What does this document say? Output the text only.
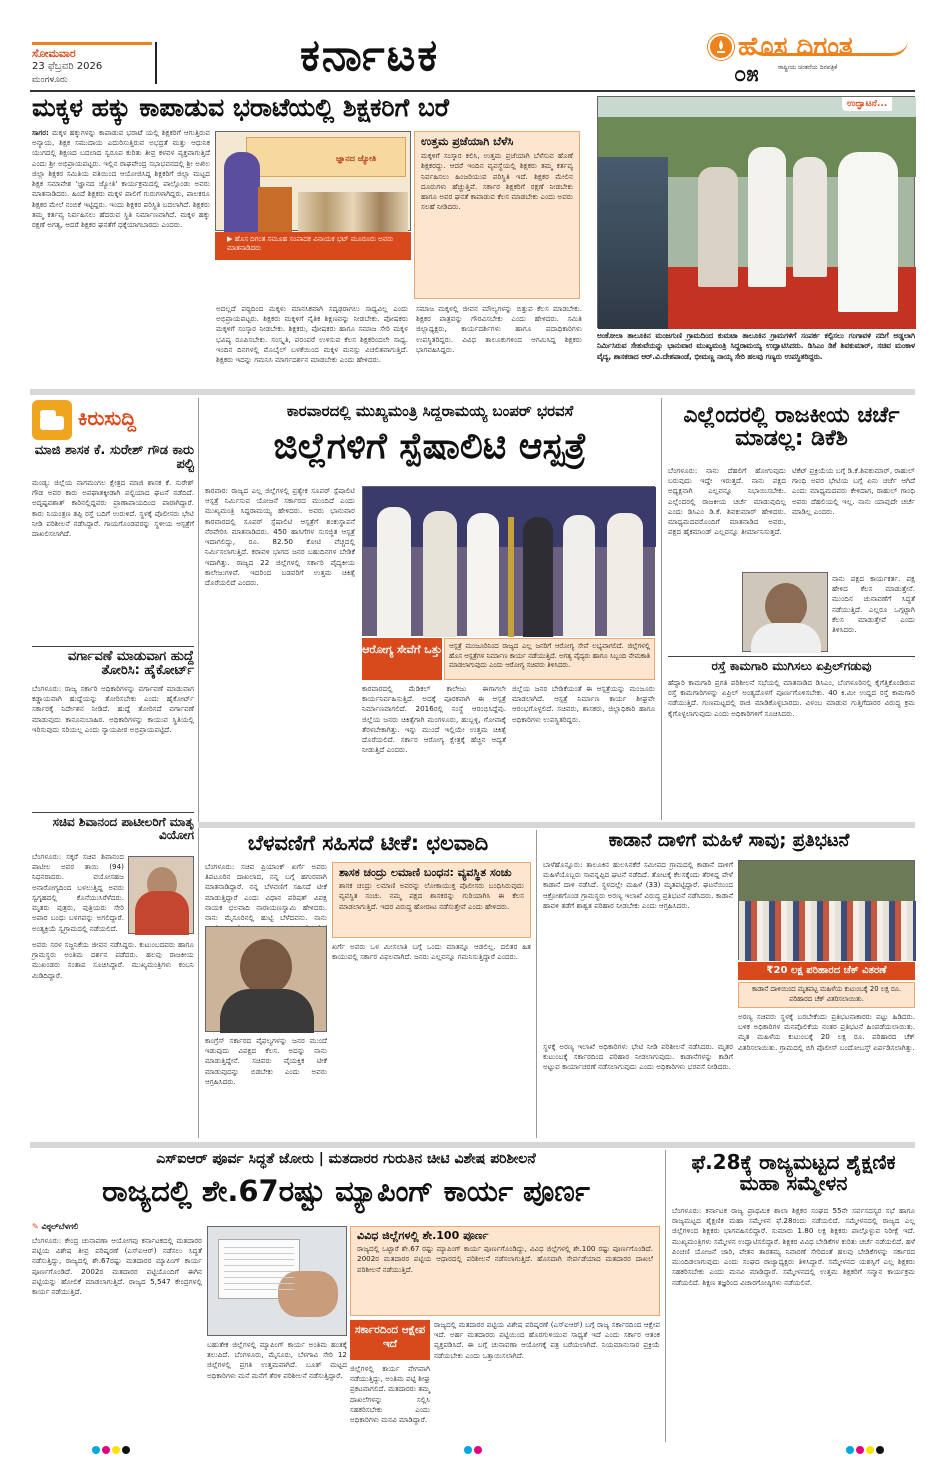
ಸೋಮವಾರ
23 ಫೆಬ್ರವರಿ 2026
ಮಂಗಳೂರು	ಕರ್ನಾಟಕ	ಹೊಸ ದಿಗಂತ
ರಾಷ್ಟ್ರೀಯ ಚಿಂತನೆಯ ದಿನಪತ್ರಿಕೆ
೦೫
ಮಕ್ಕಳ ಹಕ್ಕು ಕಾಪಾಡುವ ಭರಾಟೆಯಲ್ಲಿ ಶಿಕ್ಷಕರಿಗೆ ಬರೆ

ಸಾಗರ: ಮಕ್ಕಳ ಹಕ್ಕುಗಳನ್ನು ಕಾಪಾಡುವ ಭರಾಟೆ ಯಲ್ಲಿ ಶಿಕ್ಷಕರಿಗೆ ಆಗುತ್ತಿರುವ ಅನ್ಯಾಯ, ಶಿಕ್ಷಕ ಸಮುದಾಯ ಎದುರಿಸುತ್ತಿರುವ ಅಭದ್ರತೆ ಮತ್ತು ಆಧುನಿಕ ಯುಗದಲ್ಲಿ ಶಿಕ್ಷಣದ ಬದಲಾದ ಸ್ವರೂಪ ಕುರಿತು ತೀವ್ರ ಕಳವಳ ವ್ಯಕ್ತವಾಗುತ್ತಿದೆ ಎಂದು ಶ್ರೀ ಅಭಿಪ್ರಾಯಪಟ್ಟರು. ಇಲ್ಲಿನ ರಾಘವೇಂದ್ರ ಸಭಾಭವನದಲ್ಲಿ ಶ್ರೀ ಅಖಿಲ ಜಿಲ್ಲಾ ಶಿಕ್ಷಕರ ಸಮಿತಿಯ ವತಿಯಿಂದ ಆಯೋಜಿಸಿದ್ದ ಶಿಕ್ಷಕರಿಗೆ ಜಿಲ್ಲಾ ಮಟ್ಟದ ಶಿಕ್ಷಕ ಸಮಾವೇಶ 'ಜ್ಞಾನದ ಜ್ಯೋತಿ' ಕಾರ್ಯಕ್ರಮದಲ್ಲಿ ಪಾಲ್ಗೊಂಡು ಅವರು ಮಾತನಾಡಿದರು. ಹಿಂದೆ ಶಿಕ್ಷಕರು ಮಕ್ಕಳ ಪಾಲಿಗೆ ಗುರುಗಳಾಗಿದ್ದರು, ಪಾಲಕರೂ ಶಿಕ್ಷಕರ ಮೇಲೆ ನಂಬಿಕೆ ಇಟ್ಟಿದ್ದರು. ಇಂದು ಶಿಕ್ಷಕರ ಪರಿಸ್ಥಿತಿ ಬದಲಾಗಿದೆ. ಶಿಕ್ಷಕರು ತಮ್ಮ ಕರ್ತವ್ಯ ನಿರ್ವಹಿಸಲು ಹೆದರುವ ಸ್ಥಿತಿ ನಿರ್ಮಾಣವಾಗಿದೆ. ಮಕ್ಕಳ ಹಕ್ಕು ರಕ್ಷಣೆ ಅಗತ್ಯ, ಆದರೆ ಶಿಕ್ಷಕರ ಘನತೆಗೆ ಧಕ್ಕೆಯಾಗಬಾರದು ಎಂದರು.

ಜ್ಞಾನದ ಜ್ಯೋತಿ
▶ ಹೊಸ ದಿಗಂತ ಸಮೂಹ ಸಂಪಾದಕ ವಿನಾಯಕ ಭಟ್ ಮೂರೂರು ಅವರು ಮಾತನಾಡಿದರು
ಉತ್ತಮ ಪ್ರಜೆಯಾಗಿ ಬೆಳೆಸಿ
ಮಕ್ಕಳಿಗೆ ಸಂಸ್ಕಾರ ಕಲಿಸಿ, ಉತ್ತಮ ಪ್ರಜೆಯಾಗಿ ಬೆಳೆಸುವ ಹೊಣೆ ಶಿಕ್ಷಕರದ್ದು. ಆದರೆ ಇಂದಿನ ವ್ಯವಸ್ಥೆಯಲ್ಲಿ ಶಿಕ್ಷಕರು ತಮ್ಮ ಕರ್ತವ್ಯ ನಿರ್ವಹಿಸಲು ಹಿಂಜರಿಯುವ ಪರಿಸ್ಥಿತಿ ಇದೆ. ಶಿಕ್ಷಕರ ಮೇಲಿನ ದೂರುಗಳು ಹೆಚ್ಚುತ್ತಿವೆ. ಸರ್ಕಾರ ಶಿಕ್ಷಕರಿಗೆ ರಕ್ಷಣೆ ನೀಡಬೇಕು ಹಾಗೂ ಅವರ ಘನತೆ ಕಾಪಾಡುವ ಕೆಲಸ ಮಾಡಬೇಕು ಎಂದು ಅವರು ಸಲಹೆ ನೀಡಿದರು.
ಅದಲ್ಲದೆ ಪಠ್ಯದಿಂದ ಮಕ್ಕಳು ಮಾನಸಿಕವಾಗಿ ಸದೃಢರಾಗಲು ಸಾಧ್ಯವಿಲ್ಲ ಎಂದು ಅಭಿಪ್ರಾಯಪಟ್ಟರು. ಶಿಕ್ಷಕರು ಮಕ್ಕಳಿಗೆ ನೈತಿಕ ಶಿಕ್ಷಣವನ್ನು ನೀಡಬೇಕು. ಪೋಷಕರು ಮಕ್ಕಳಿಗೆ ಸಂಸ್ಕಾರ ನೀಡಬೇಕು. ಶಿಕ್ಷಕರು, ಪೋಷಕರು ಹಾಗೂ ಸಮಾಜ ಸೇರಿ ಮಕ್ಕಳ ಭವಿಷ್ಯ ರೂಪಿಸಬೇಕು. ಸಂಸ್ಕೃತಿ, ಪರಂಪರೆ ಉಳಿಸುವ ಕೆಲಸ ಶಿಕ್ಷಕರಿಂದಲೇ ಸಾಧ್ಯ. ಇಂದಿನ ದಿನಗಳಲ್ಲಿ ಮೊಬೈಲ್ ಬಳಕೆಯಿಂದ ಮಕ್ಕಳ ಮನಸ್ಸು ವಿಚಲಿತವಾಗುತ್ತಿದೆ. ಶಿಕ್ಷಕರು ಇದನ್ನು ಗಮನಿಸಿ ಮಾರ್ಗದರ್ಶನ ಮಾಡಬೇಕು ಎಂದು ಹೇಳಿದರು.
ಸಮಾಜ ಮಕ್ಕಳಲ್ಲಿ ಜೀವನ ಮೌಲ್ಯಗಳನ್ನು ಬಿತ್ತುವ ಕೆಲಸ ಮಾಡಬೇಕು. ಶಿಕ್ಷಕರ ಪಾತ್ರವನ್ನು ಗೌರವಿಸಬೇಕು ಎಂದು ಹೇಳಿದರು. ಸಮಿತಿ ಜಿಲ್ಲಾಧ್ಯಕ್ಷರು, ಕಾರ್ಯದರ್ಶಿಗಳು ಹಾಗೂ ಪದಾಧಿಕಾರಿಗಳು ಉಪಸ್ಥಿತರಿದ್ದರು. ವಿವಿಧ ತಾಲೂಕುಗಳಿಂದ ಆಗಮಿಸಿದ್ದ ಶಿಕ್ಷಕರು ಭಾಗವಹಿಸಿದ್ದರು.
ಉದ್ಘಾಟನೆ...
ಅಂಕೋಲಾ ತಾಲೂಕಿನ ಮಂಜಗುಣಿ ಗ್ರಾಮದಿಂದ ಕುಮಟಾ ತಾಲೂಕಿನ ಗ್ರಾಮಗಳಿಗೆ ಸಂಪರ್ಕ ಕಲ್ಪಿಸಲು ಗಂಗಾವಳಿ ನದಿಗೆ ಅಡ್ಡಲಾಗಿ ನಿರ್ಮಿಸಿರುವ ಸೇತುವೆಯನ್ನು ಭಾನುವಾರ ಮುಖ್ಯಮಂತ್ರಿ ಸಿದ್ದರಾಮಯ್ಯ ಉದ್ಘಾಟಿಸಿದರು. ಡಿಸಿಎಂ ಡಿಕೆ ಶಿವಕುಮಾರ್, ಸಚಿವ ಮಂಕಾಳ ವೈದ್ಯ, ಶಾಸಕರಾದ ಆರ್.ವಿ.ದೇಶಪಾಂಡೆ, ಭೀಮಣ್ಣ ನಾಯ್ಕ ಸೇರಿ ಹಲವು ಗಣ್ಯರು ಉಪಸ್ಥಿತರಿದ್ದರು.
ಕಿರುಸುದ್ದಿ
ಮಾಜಿ ಶಾಸಕ ಕೆ. ಸುರೇಶ್ ಗೌಡ ಕಾರು ಪಲ್ಟಿ
ಮಂಡ್ಯ: ಜಿಲ್ಲೆಯ ನಾಗಮಂಗಲ ಕ್ಷೇತ್ರದ ಮಾಜಿ ಶಾಸಕ ಕೆ. ಸುರೇಶ್ ಗೌಡ ಅವರ ಕಾರು ಅಪಘಾತಕ್ಕೀಡಾಗಿ ಪಲ್ಟಿಯಾದ ಘಟನೆ ನಡೆದಿದೆ. ಅದೃಷ್ಟವಶಾತ್ ಕಾರಿನಲ್ಲಿದ್ದವರು ಪ್ರಾಣಾಪಾಯದಿಂದ ಪಾರಾಗಿದ್ದಾರೆ. ಕಾರು ನಿಯಂತ್ರಣ ತಪ್ಪಿ ರಸ್ತೆ ಬದಿಗೆ ಉರುಳಿದೆ. ಸ್ಥಳಕ್ಕೆ ಪೊಲೀಸರು ಭೇಟಿ ನೀಡಿ ಪರಿಶೀಲನೆ ನಡೆಸಿದ್ದಾರೆ. ಗಾಯಗೊಂಡವರನ್ನು ಸ್ಥಳೀಯ ಆಸ್ಪತ್ರೆಗೆ ದಾಖಲಿಸಲಾಗಿದೆ.
ವರ್ಗಾವಣೆ ಮಾಡುವಾಗ ಹುದ್ದೆ ತೋರಿಸಿ: ಹೈಕೋರ್ಟ್
ಬೆಂಗಳೂರು: ರಾಜ್ಯ ಸರ್ಕಾರಿ ಅಧಿಕಾರಿಗಳನ್ನು ವರ್ಗಾವಣೆ ಮಾಡುವಾಗ ಕಡ್ಡಾಯವಾಗಿ ಹುದ್ದೆಯನ್ನು ತೋರಿಸಬೇಕು ಎಂದು ಹೈಕೋರ್ಟ್ ಸರ್ಕಾರಕ್ಕೆ ನಿರ್ದೇಶನ ನೀಡಿದೆ. ಹುದ್ದೆ ತೋರಿಸದೆ ವರ್ಗಾವಣೆ ಮಾಡುವುದು ಕಾನೂನುಬಾಹಿರ. ಅಧಿಕಾರಿಗಳನ್ನು ಕಾಯುವ ಸ್ಥಿತಿಯಲ್ಲಿ ಇರಿಸುವುದು ಸರಿಯಲ್ಲ ಎಂದು ನ್ಯಾಯಪೀಠ ಅಭಿಪ್ರಾಯಪಟ್ಟಿದೆ.
ಸಚಿವ ಶಿವಾನಂದ ಪಾಟೀಲರಿಗೆ ಮಾತೃ ವಿಯೋಗ
ಬೆಂಗಳೂರು: ಸಕ್ಕರೆ ಸಚಿವ ಶಿವಾನಂದ ಪಾಟೀಲ ಅವರ ತಾಯಿ (94) ನಿಧನರಾದರು. ವಯೋಸಹಜ ಅನಾರೋಗ್ಯದಿಂದ ಬಳಲುತ್ತಿದ್ದ ಅವರು ಸ್ವಗೃಹದಲ್ಲಿ ಕೊನೆಯುಸಿರೆಳೆದರು. ಮೃತರು ಪುತ್ರರು, ಪುತ್ರಿಯರು ಸೇರಿ ಅಪಾರ ಬಂಧು ಬಳಗವನ್ನು ಅಗಲಿದ್ದಾರೆ. ಅಂತ್ಯಕ್ರಿಯೆ ಸ್ವಗ್ರಾಮದಲ್ಲಿ ನಡೆಯಲಿದೆ.

ಅವರು ಸರಳ ಸಜ್ಜನಿಕೆಯ ಜೀವನ ನಡೆಸಿದ್ದರು. ಕುಟುಂಬದವರು ಹಾಗೂ ಗ್ರಾಮಸ್ಥರು ಅಂತಿಮ ದರ್ಶನ ಪಡೆದರು. ಹಲವು ರಾಜಕೀಯ ಮುಖಂಡರು ಸಂತಾಪ ಸೂಚಿಸಿದ್ದಾರೆ. ಮುಖ್ಯಮಂತ್ರಿಗಳು ಕಂಬನಿ ಮಿಡಿದಿದ್ದಾರೆ.

ಕಾರವಾರದಲ್ಲಿ ಮುಖ್ಯಮಂತ್ರಿ ಸಿದ್ದರಾಮಯ್ಯ ಬಂಪರ್ ಭರವಸೆ
ಜಿಲ್ಲೆಗಳಿಗೆ ಸ್ಪೆಷಾಲಿಟಿ ಆಸ್ಪತ್ರೆ
ಕಾರವಾರ: ರಾಜ್ಯದ ಎಲ್ಲ ಜಿಲ್ಲೆಗಳಲ್ಲಿ ಪ್ರತ್ಯೇಕ ಸೂಪರ್ ಸ್ಪೆಷಾಲಿಟಿ ಆಸ್ಪತ್ರೆ ನಿರ್ಮಿಸುವ ಯೋಜನೆ ಸರ್ಕಾರದ ಮುಂದಿದೆ ಎಂದು ಮುಖ್ಯಮಂತ್ರಿ ಸಿದ್ದರಾಮಯ್ಯ ಹೇಳಿದರು. ಅವರು ಭಾನುವಾರ ಕಾರವಾರದಲ್ಲಿ ಸೂಪರ್ ಸ್ಪೆಷಾಲಿಟಿ ಆಸ್ಪತ್ರೆಗೆ ಶಂಕುಸ್ಥಾಪನೆ ನೆರವೇರಿಸಿ ಮಾತನಾಡಿದರು. 450 ಹಾಸಿಗೆಗಳ ಸುಸಜ್ಜಿತ ಆಸ್ಪತ್ರೆ ಇದಾಗಲಿದ್ದು, ರೂ. 82.50 ಕೋಟಿ ವೆಚ್ಚದಲ್ಲಿ ನಿರ್ಮಿಸಲಾಗುತ್ತಿದೆ. ಕರಾವಳಿ ಭಾಗದ ಜನರ ಬಹುದಿನಗಳ ಬೇಡಿಕೆ ಇದಾಗಿತ್ತು. ರಾಜ್ಯದ 22 ಜಿಲ್ಲೆಗಳಲ್ಲಿ ಸರ್ಕಾರಿ ವೈದ್ಯಕೀಯ ಕಾಲೇಜುಗಳಿವೆ. ಇದರಿಂದ ಬಡವರಿಗೆ ಉತ್ತಮ ಚಿಕಿತ್ಸೆ ದೊರೆಯಲಿದೆ ಎಂದರು.
ಆರೋಗ್ಯ ಸೇವೆಗೆ ಒತ್ತು ಆಸ್ಪತ್ರೆ ಮಂಜೂರಿನಿಂದ ರಾಜ್ಯದ ಎಲ್ಲ ಜನರಿಗೆ ಆರೋಗ್ಯ ಸೇವೆ ಲಭ್ಯವಾಗಲಿದೆ. ಜಿಲ್ಲೆಗಳಲ್ಲಿ ಹೊಸ ಆಸ್ಪತ್ರೆಗಳ ನಿರ್ಮಾಣ ಕಾರ್ಯ ನಡೆಯುತ್ತಿದೆ. ಅಗತ್ಯ ವೈದ್ಯರು ಹಾಗೂ ಸಿಬ್ಬಂದಿ ನೇಮಕಾತಿ ಮಾಡಲಾಗುವುದು ಎಂದು ಆರೋಗ್ಯ ಸಚಿವರು ತಿಳಿಸಿದರು.
ಕಾರವಾರದಲ್ಲಿ ಮೆಡಿಕಲ್ ಕಾಲೇಜು ಈಗಾಗಲೇ ಕಾರ್ಯನಿರ್ವಹಿಸುತ್ತಿದೆ. ಅದಕ್ಕೆ ಪೂರಕವಾಗಿ ಈ ಆಸ್ಪತ್ರೆ ನಿರ್ಮಾಣವಾಗಲಿದೆ. 2016ರಲ್ಲಿ ಸಂಸ್ಥೆ ಆರಂಭಿಸಿದ್ದೆವು. ಜಿಲ್ಲೆಯ ಜನರು ಚಿಕಿತ್ಸೆಗಾಗಿ ಮಂಗಳೂರು, ಹುಬ್ಬಳ್ಳಿ, ಗೋವಾಕ್ಕೆ ತೆರಳಬೇಕಾಗಿತ್ತು. ಇನ್ನು ಮುಂದೆ ಇಲ್ಲಿಯೇ ಉತ್ತಮ ಚಿಕಿತ್ಸೆ ದೊರೆಯಲಿದೆ. ಸರ್ಕಾರ ಆರೋಗ್ಯ ಕ್ಷೇತ್ರಕ್ಕೆ ಹೆಚ್ಚಿನ ಆದ್ಯತೆ ನೀಡುತ್ತಿದೆ ಎಂದರು.
ಜಿಲ್ಲೆಯ ಜನರ ಬೇಡಿಕೆಯಂತೆ ಈ ಆಸ್ಪತ್ರೆಯನ್ನು ಮಂಜೂರು ಮಾಡಲಾಗಿದೆ. ಆಸ್ಪತ್ರೆ ನಿರ್ಮಾಣ ಕಾರ್ಯ ಶೀಘ್ರವೇ ಆರಂಭಗೊಳ್ಳಲಿದೆ. ಸಚಿವರು, ಶಾಸಕರು, ಜಿಲ್ಲಾಧಿಕಾರಿ ಹಾಗೂ ಅಧಿಕಾರಿಗಳು ಉಪಸ್ಥಿತರಿದ್ದರು.
ಎಲ್ಲೆಂದರಲ್ಲಿ ರಾಜಕೀಯ ಚರ್ಚೆ ಮಾಡಲ್ಲ: ಡಿಕೆಶಿ
ಬೆಂಗಳೂರು: ನಾನು ದೆಹಲಿಗೆ ಹೋಗುವುದು ಬರುವುದು ಇದ್ದೇ ಇರುತ್ತದೆ. ನಾನು ಪಕ್ಷದ ಅಧ್ಯಕ್ಷನಾಗಿ ಎಲ್ಲವನ್ನೂ ನಿಭಾಯಿಸಬೇಕು. ಎಲ್ಲೆಂದರಲ್ಲಿ ರಾಜಕೀಯ ಚರ್ಚೆ ಮಾಡುವುದಿಲ್ಲ ಎಂದು ಡಿಸಿಎಂ ಡಿ.ಕೆ. ಶಿವಕುಮಾರ್ ಹೇಳಿದರು. ಮಾಧ್ಯಮದವರೊಂದಿಗೆ ಮಾತನಾಡಿದ ಅವರು, ಪಕ್ಷದ ಹೈಕಮಾಂಡ್ ಎಲ್ಲವನ್ನೂ ತೀರ್ಮಾನಿಸುತ್ತದೆ.
ಟಿಕೆಟ್ ಪ್ರಕ್ರಿಯೆಯ ಬಗ್ಗೆ ಡಿ.ಕೆ.ಶಿವಕುಮಾರ್, ರಾಹುಲ್ ಗಾಂಧಿ ಅವರ ಭೇಟಿಯ ಬಗ್ಗೆ ಏನು ಚರ್ಚೆ ಆಗಿದೆ ಎಂದು ಮಾಧ್ಯಮದವರು ಕೇಳಿದಾಗ, ರಾಹುಲ್ ಗಾಂಧಿ ಅವರು ದೆಹಲಿಯಲ್ಲಿ ಇಲ್ಲ. ನಾನು ಯಾವುದೇ ಚರ್ಚೆ ಮಾಡಿಲ್ಲ ಎಂದರು.
ನಾನು ಪಕ್ಷದ ಕಾರ್ಯಕರ್ತ. ಪಕ್ಷ ಹೇಳಿದ ಕೆಲಸ ಮಾಡುತ್ತೇನೆ. ಮುಂದಿನ ಚುನಾವಣೆಗೆ ಸಿದ್ಧತೆ ನಡೆಯುತ್ತಿದೆ. ಎಲ್ಲರೂ ಒಗ್ಗಟ್ಟಾಗಿ ಕೆಲಸ ಮಾಡುತ್ತೇವೆ ಎಂದು ತಿಳಿಸಿದರು.
ರಸ್ತೆ ಕಾಮಗಾರಿ ಮುಗಿಸಲು ಏಪ್ರಿಲ್‌ಗಡುವು
ಹೆದ್ದಾರಿ ಕಾಮಗಾರಿ ಪ್ರಗತಿ ಪರಿಶೀಲನೆ ಸಭೆಯಲ್ಲಿ ಮಾತನಾಡಿದ ಡಿಸಿಎಂ, ಬೆಂಗಳೂರಿನಲ್ಲಿ ಕೈಗೆತ್ತಿಕೊಂಡಿರುವ ರಸ್ತೆ ಕಾಮಗಾರಿಗಳನ್ನು ಏಪ್ರಿಲ್ ಅಂತ್ಯದೊಳಗೆ ಪೂರ್ಣಗೊಳಿಸಬೇಕು. 40 ಕಿ.ಮೀ ಉದ್ದದ ರಸ್ತೆ ಕಾಮಗಾರಿ ನಡೆಯುತ್ತಿದೆ. ಗುಣಮಟ್ಟದಲ್ಲಿ ರಾಜಿ ಮಾಡಿಕೊಳ್ಳಬಾರದು. ವಿಳಂಬ ಮಾಡುವ ಗುತ್ತಿಗೆದಾರರ ವಿರುದ್ಧ ಕ್ರಮ ಕೈಗೊಳ್ಳಲಾಗುವುದು ಎಂದು ಅಧಿಕಾರಿಗಳಿಗೆ ಸೂಚಿಸಿದರು.
ಬೆಳವಣಿಗೆ ಸಹಿಸದೆ ಟೀಕೆ: ಛಲವಾದಿ
ಬೆಂಗಳೂರು: ಸಚಿವ ಪ್ರಿಯಾಂಕ್ ಖರ್ಗೆ ಅವರು ತಿಪಟೂರಿನ ದಾಖಲಾದ, ನನ್ನ ಬಗ್ಗೆ ಹಗುರವಾಗಿ ಮಾತನಾಡಿದ್ದಾರೆ. ನನ್ನ ಬೆಳವಣಿಗೆ ಸಹಿಸದೆ ಟೀಕೆ ಮಾಡುತ್ತಿದ್ದಾರೆ ಎಂದು ವಿಧಾನ ಪರಿಷತ್ ವಿಪಕ್ಷ ನಾಯಕ ಛಲವಾದಿ ನಾರಾಯಣಸ್ವಾಮಿ ಹೇಳಿದರು. ನಾನು ಮೈಸೂರಿನಲ್ಲಿ ಹುಟ್ಟಿ ಬೆಳೆದವನು. ನಾನು
ಶಾಸಕ ಚಂದ್ರು ಲಮಾಣಿ ಬಂಧನ: ವ್ಯವಸ್ಥಿತ ಸಂಚು
ಶಾಸಕ ಚಂದ್ರು ಲಮಾಣಿ ಅವರನ್ನು ಲೋಕಾಯುಕ್ತ ಪೊಲೀಸರು ಬಂಧಿಸಿರುವುದು ವ್ಯವಸ್ಥಿತ ಸಂಚು. ನಮ್ಮ ಪಕ್ಷದ ಶಾಸಕರನ್ನು ಗುರಿಯಾಗಿಸಿ ಈ ಕೆಲಸ ಮಾಡಲಾಗುತ್ತಿದೆ. ಇದರ ವಿರುದ್ಧ ಹೋರಾಟ ನಡೆಸುತ್ತೇವೆ ಎಂದು ಹೇಳಿದರು.
ಕಾಂಗ್ರೆಸ್ ಸರ್ಕಾರದ ವೈಫಲ್ಯಗಳನ್ನು ಜನರ ಮುಂದೆ ಇಡುವುದು ವಿಪಕ್ಷದ ಕೆಲಸ. ಅದನ್ನು ನಾನು ಮಾಡುತ್ತಿದ್ದೇನೆ. ಸಚಿವರು ವೈಯಕ್ತಿಕ ಟೀಕೆ ಮಾಡುವುದನ್ನು ಬಿಡಬೇಕು ಎಂದು ಅವರು ಆಗ್ರಹಿಸಿದರು.
ಖರ್ಗೆ ಅವರು ಒಳ ಮೀಸಲಾತಿ ಬಗ್ಗೆ ಒಂದು ಮಾತನ್ನೂ ಆಡಲಿಲ್ಲ. ದಲಿತರ ಹಿತ ಕಾಯುವಲ್ಲಿ ಸರ್ಕಾರ ವಿಫಲವಾಗಿದೆ. ಜನರು ಎಲ್ಲವನ್ನೂ ಗಮನಿಸುತ್ತಿದ್ದಾರೆ ಎಂದರು.
ಕಾಡಾನೆ ದಾಳಿಗೆ ಮಹಿಳೆ ಸಾವು; ಪ್ರತಿಭಟನೆ
ಬಾಳೆಹೊನ್ನೂರು: ತಾಲೂಕಿನ ಹುಲಸಿನಕೆರೆ ಸಮೀಪದ ಗ್ರಾಮದಲ್ಲಿ ಕಾಡಾನೆ ದಾಳಿಗೆ ಮಹಿಳೆಯೊಬ್ಬರು ಸಾವನ್ನಪ್ಪಿದ ಘಟನೆ ನಡೆದಿದೆ. ತೋಟಕ್ಕೆ ಕೆಲಸಕ್ಕೆಂದು ತೆರಳಿದ್ದ ವೇಳೆ ಕಾಡಾನೆ ದಾಳಿ ನಡೆಸಿದೆ. ಸ್ಥಳದಲ್ಲೇ ಮಹಿಳೆ (33) ಮೃತಪಟ್ಟಿದ್ದಾರೆ. ಘಟನೆಯಿಂದ ಆಕ್ರೋಶಗೊಂಡ ಗ್ರಾಮಸ್ಥರು ಅರಣ್ಯ ಇಲಾಖೆ ವಿರುದ್ಧ ಪ್ರತಿಭಟನೆ ನಡೆಸಿದರು. ಕಾಡಾನೆ ಹಾವಳಿ ತಡೆಗೆ ಶಾಶ್ವತ ಪರಿಹಾರ ನೀಡಬೇಕು ಎಂದು ಆಗ್ರಹಿಸಿದರು.
₹20 ಲಕ್ಷ ಪರಿಹಾರದ ಚೆಕ್ ವಿತರಣೆ
ಕಾಡಾನೆ ದಾಳಿಯಿಂದ ಮೃತಪಟ್ಟ ಮಹಿಳೆಯ ಕುಟುಂಬಕ್ಕೆ 20 ಲಕ್ಷ ರೂ. ಪರಿಹಾರದ ಚೆಕ್ ವಿತರಿಸಲಾಯಿತು.
ಸ್ಥಳಕ್ಕೆ ಅರಣ್ಯ ಇಲಾಖೆ ಅಧಿಕಾರಿಗಳು ಭೇಟಿ ನೀಡಿ ಪರಿಶೀಲನೆ ನಡೆಸಿದರು. ಮೃತರ ಕುಟುಂಬಕ್ಕೆ ಸರ್ಕಾರದಿಂದ ಪರಿಹಾರ ನೀಡಲಾಗುವುದು. ಕಾಡಾನೆಗಳನ್ನು ಕಾಡಿಗೆ ಅಟ್ಟುವ ಕಾರ್ಯಾಚರಣೆ ನಡೆಸಲಾಗುವುದು ಎಂದು ಅಧಿಕಾರಿಗಳು ಭರವಸೆ ನೀಡಿದರು.
ಅರಣ್ಯ ಸಚಿವರು ಸ್ಥಳಕ್ಕೆ ಬರಬೇಕೆಂದು ಪ್ರತಿಭಟನಾಕಾರರು ಪಟ್ಟು ಹಿಡಿದರು. ಬಳಿಕ ಅಧಿಕಾರಿಗಳ ಮನವೊಲಿಕೆಯ ನಂತರ ಪ್ರತಿಭಟನೆ ಹಿಂಪಡೆಯಲಾಯಿತು. ಮೃತ ಮಹಿಳೆಯ ಕುಟುಂಬಕ್ಕೆ 20 ಲಕ್ಷ ರೂ. ಪರಿಹಾರದ ಚೆಕ್ ವಿತರಿಸಲಾಯಿತು. ಗ್ರಾಮದಲ್ಲಿ ಬಿಗಿ ಪೊಲೀಸ್ ಬಂದೋಬಸ್ತ್ ಏರ್ಪಡಿಸಲಾಗಿತ್ತು.
ಎಸ್‌ಐಆರ್ ಪೂರ್ವ ಸಿದ್ಧತೆ ಜೋರು | ಮತದಾರರ ಗುರುತಿನ ಚೀಟಿ ವಿಶೇಷ ಪರಿಶೀಲನೆ
ರಾಜ್ಯದಲ್ಲಿ ಶೇ.67ರಷ್ಟು ಮ್ಯಾಪಿಂಗ್ ಕಾರ್ಯ ಪೂರ್ಣ
✎ ವಿಠ್ಠಲ್‌ಬೆಳಗಲಿ
ಬೆಂಗಳೂರು: ಕೇಂದ್ರ ಚುನಾವಣಾ ಆಯೋಗವು ಕರ್ನಾಟಕದಲ್ಲಿ ಮತದಾರರ ಪಟ್ಟಿಯ ವಿಶೇಷ ತೀವ್ರ ಪರಿಷ್ಕರಣೆ (ಎಸ್‌ಐಆರ್) ನಡೆಸಲು ಸಿದ್ಧತೆ ನಡೆಸುತ್ತಿದ್ದು, ರಾಜ್ಯದಲ್ಲಿ ಶೇ.67ರಷ್ಟು ಮತದಾರರ ಮ್ಯಾಪಿಂಗ್ ಕಾರ್ಯ ಪೂರ್ಣಗೊಂಡಿದೆ. 2002ರ ಮತದಾರರ ಪಟ್ಟಿಯೊಂದಿಗೆ ಈಗಿನ ಪಟ್ಟಿಯನ್ನು ಹೋಲಿಕೆ ಮಾಡಲಾಗುತ್ತಿದೆ. ರಾಜ್ಯದ 5,547 ಕೇಂದ್ರಗಳಲ್ಲಿ ಕಾರ್ಯ ನಡೆಯುತ್ತಿದೆ.
ವಿವಿಧ ಜಿಲ್ಲೆಗಳಲ್ಲಿ ಶೇ.100 ಪೂರ್ಣ
ರಾಜ್ಯದಲ್ಲಿ ಒಟ್ಟಾರೆ ಶೇ.67 ರಷ್ಟು ಮ್ಯಾಪಿಂಗ್ ಕಾರ್ಯ ಪೂರ್ಣಗೊಂಡಿದ್ದು, ವಿವಿಧ ಜಿಲ್ಲೆಗಳಲ್ಲಿ ಶೇ.100 ರಷ್ಟು ಪೂರ್ಣಗೊಂಡಿದೆ. 2002ರ ಮತದಾರರ ಪಟ್ಟಿಯ ಆಧಾರದಲ್ಲಿ ಪರಿಶೀಲನೆ ನಡೆಸಲಾಗುತ್ತಿದೆ. ಹೊಸದಾಗಿ ಸೇರ್ಪಡೆಯಾದ ಮತದಾರರ ದಾಖಲೆ ಪರಿಶೀಲನೆ ನಡೆಯುತ್ತಿದೆ.
ಬಹುತೇಕ ಜಿಲ್ಲೆಗಳಲ್ಲಿ ಮ್ಯಾಪಿಂಗ್ ಕಾರ್ಯ ಅಂತಿಮ ಹಂತಕ್ಕೆ ತಲುಪಿದೆ. ಬೆಂಗಳೂರು, ಮೈಸೂರು, ಬೆಳಗಾವಿ ಸೇರಿ 12 ಜಿಲ್ಲೆಗಳಲ್ಲಿ ಪ್ರಗತಿ ಉತ್ತಮವಾಗಿದೆ. ಬೂತ್ ಮಟ್ಟದ ಅಧಿಕಾರಿಗಳು ಮನೆ ಮನೆಗೆ ತೆರಳಿ ಪರಿಶೀಲನೆ ನಡೆಸುತ್ತಿದ್ದಾರೆ.
ಸರ್ಕಾರದಿಂದ ಆಕ್ಷೇಪ ಇದೆ
ರಾಜ್ಯದಲ್ಲಿ ಮತದಾರರ ಪಟ್ಟಿಯ ವಿಶೇಷ ಪರಿಷ್ಕರಣೆ (ಎಸ್‌ಐಆರ್) ಬಗ್ಗೆ ರಾಜ್ಯ ಸರ್ಕಾರದಿಂದ ಆಕ್ಷೇಪ ಇದೆ. ಅರ್ಹ ಮತದಾರರು ಪಟ್ಟಿಯಿಂದ ಹೊರಗುಳಿಯುವ ಸಾಧ್ಯತೆ ಇದೆ ಎಂದು ಸರ್ಕಾರ ಆತಂಕ ವ್ಯಕ್ತಪಡಿಸಿದೆ. ಈ ಬಗ್ಗೆ ಚುನಾವಣಾ ಆಯೋಗಕ್ಕೆ ಪತ್ರ ಬರೆಯಲಾಗಿದೆ. ನಿಯಮಾನುಸಾರ ಪ್ರಕ್ರಿಯೆ ನಡೆಯಬೇಕು ಎಂದು ಒತ್ತಾಯಿಸಲಾಗಿದೆ.
ಜಿಲ್ಲೆಗಳಲ್ಲಿ ಕಾರ್ಯ ವೇಗವಾಗಿ ನಡೆಯುತ್ತಿದ್ದು, ಅಂತಿಮ ಪಟ್ಟಿ ಶೀಘ್ರ ಪ್ರಕಟವಾಗಲಿದೆ. ಮತದಾರರು ತಮ್ಮ ದಾಖಲೆಗಳನ್ನು ಸಲ್ಲಿಸಿ ಸಹಕರಿಸಬೇಕು ಎಂದು ಅಧಿಕಾರಿಗಳು ಮನವಿ ಮಾಡಿದ್ದಾರೆ.
ಫೆ.28ಕ್ಕೆ ರಾಜ್ಯಮಟ್ಟದ ಶೈಕ್ಷಣಿಕ ಮಹಾ ಸಮ್ಮೇಳನ
ಬೆಂಗಳೂರು: ಕರ್ನಾಟಕ ರಾಜ್ಯ ಪ್ರಾಥಮಿಕ ಶಾಲಾ ಶಿಕ್ಷಕರ ಸಂಘದ 55ನೇ ಸರ್ವಸದಸ್ಯರ ಸಭೆ ಹಾಗೂ ರಾಜ್ಯಮಟ್ಟದ ಶೈಕ್ಷಣಿಕ ಮಹಾ ಸಮ್ಮೇಳನ ಫೆ.28ರಂದು ನಡೆಯಲಿದೆ. ಸಮ್ಮೇಳನದಲ್ಲಿ ರಾಜ್ಯದ ಎಲ್ಲ ಜಿಲ್ಲೆಗಳಿಂದ ಶಿಕ್ಷಕರು ಭಾಗವಹಿಸಲಿದ್ದಾರೆ. ಸುಮಾರು 1.80 ಲಕ್ಷ ಶಿಕ್ಷಕರು ಪಾಲ್ಗೊಳ್ಳುವ ನಿರೀಕ್ಷೆ ಇದೆ. ಮುಖ್ಯಮಂತ್ರಿಗಳು ಸಮ್ಮೇಳನ ಉದ್ಘಾಟಿಸಲಿದ್ದಾರೆ. ಶಿಕ್ಷಕರ ವಿವಿಧ ಬೇಡಿಕೆಗಳ ಕುರಿತು ಚರ್ಚೆ ನಡೆಯಲಿದೆ. ಹಳೆ ಪಿಂಚಣಿ ಯೋಜನೆ ಜಾರಿ, ವೇತನ ತಾರತಮ್ಯ ನಿವಾರಣೆ ಸೇರಿದಂತೆ ಹಲವು ಬೇಡಿಕೆಗಳನ್ನು ಸರ್ಕಾರದ ಮುಂದಿಡಲಾಗುವುದು ಎಂದು ಸಂಘದ ರಾಜ್ಯಾಧ್ಯಕ್ಷರು ತಿಳಿಸಿದ್ದಾರೆ. ಸಮ್ಮೇಳನದ ಯಶಸ್ಸಿಗೆ ಎಲ್ಲ ಶಿಕ್ಷಕರು ಸಹಕರಿಸಬೇಕು ಎಂದು ಮನವಿ ಮಾಡಿದ್ದಾರೆ. ಸಮ್ಮೇಳನದಲ್ಲಿ ಉತ್ತಮ ಶಿಕ್ಷಕರಿಗೆ ಸನ್ಮಾನ ಕಾರ್ಯಕ್ರಮ ನಡೆಯಲಿದೆ. ಶಿಕ್ಷಣ ತಜ್ಞರಿಂದ ವಿಚಾರಗೋಷ್ಠಿಗಳು ನಡೆಯಲಿವೆ.
